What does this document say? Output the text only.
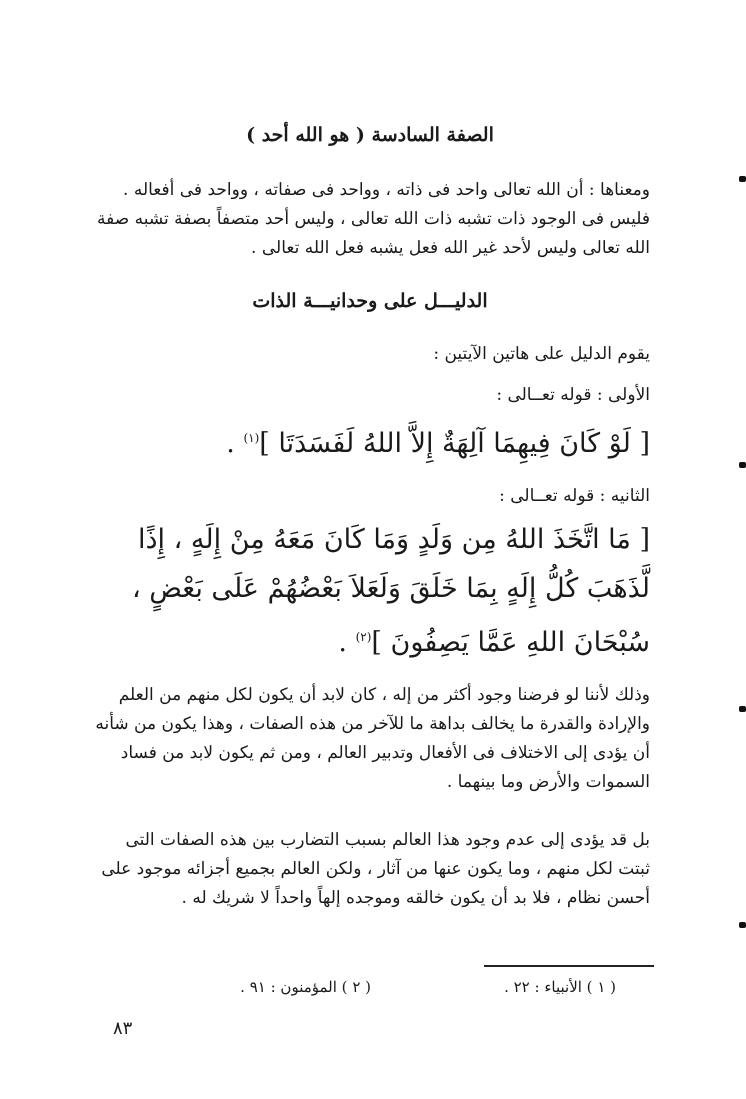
الصفة السادسة ( هو الله أحد )

ومعناها : أن الله تعالى واحد فى ذاته ، وواحد فى صفاته ، وواحد فى أفعاله . فليس فى الوجود ذات تشبه ذات الله تعالى ، وليس أحد متصفاً بصفة تشبه صفة الله تعالى وليس لأحد غير الله فعل يشبه فعل الله تعالى .

الدليـــل على وحدانيـــة الذات
يقوم الدليل على هاتين الآيتين :
الأولى : قوله تعــالى :
[ لَوْ كَانَ فِيهِمَا آلِهَةٌ إِلاَّ اللهُ لَفَسَدَتَا ]$^{(١)}$ .
الثانيه : قوله تعــالى :
[ مَا اتَّخَذَ اللهُ مِن وَلَدٍ وَمَا كَانَ مَعَهُ مِنْ إِلَهٍ ، إِذًا لَّذَهَبَ كُلُّ إِلَهٍ بِمَا خَلَقَ وَلَعَلاَ بَعْضُهُمْ عَلَى بَعْضٍ ، سُبْحَانَ اللهِ عَمَّا يَصِفُونَ ]$^{(٢)}$ .

وذلك لأننا لو فرضنا وجود أكثر من إله ، كان لابد أن يكون لكل منهم من العلم والإرادة والقدرة ما يخالف بداهة ما للآخر من هذه الصفات ، وهذا يكون من شأنه أن يؤدى إلى الاختلاف فى الأفعال وتدبير العالم ، ومن ثم يكون لابد من فساد السموات والأرض وما بينهما .

بل قد يؤدى إلى عدم وجود هذا العالم بسبب التضارب بين هذه الصفات التى ثبتت لكل منهم ، وما يكون عنها من آثار ، ولكن العالم بجميع أجزائه موجود على أحسن نظام ، فلا بد أن يكون خالقه وموجده إلهاً واحداً لا شريك له .

( ١ ) الأنبياء : ٢٢ .
( ٢ ) المؤمنون : ٩١ .
٨٣
